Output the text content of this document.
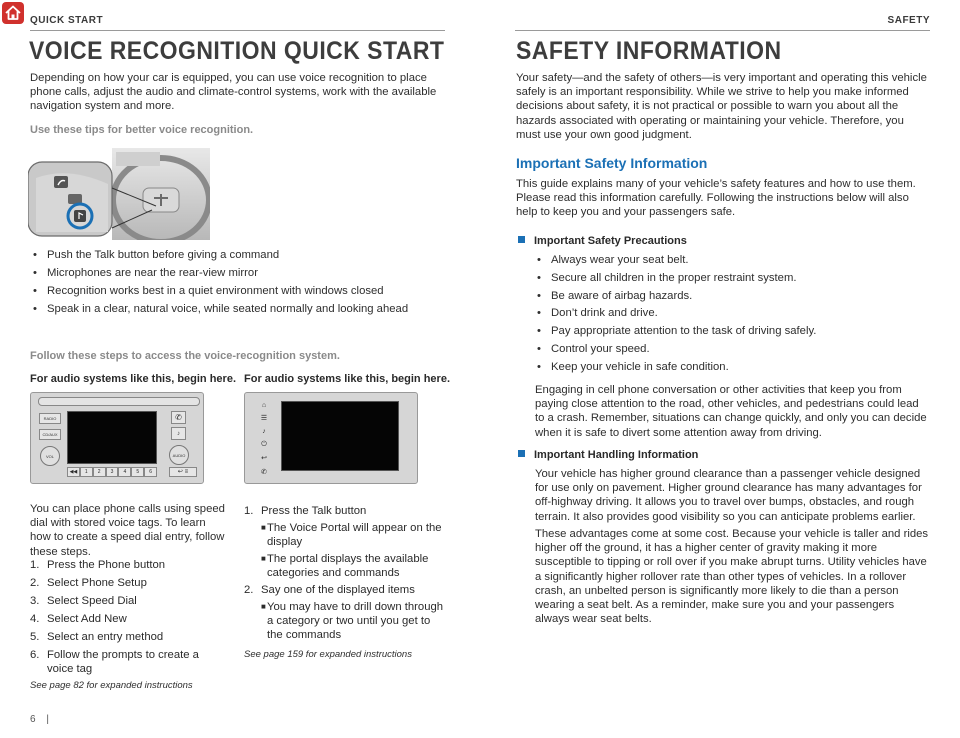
QUICK START	SAFETY
VOICE RECOGNITION QUICK START
Depending on how your car is equipped, you can use voice recognition to place phone calls, adjust the audio and climate-control systems, work with the available navigation system and more.
Use these tips for better voice recognition.
• Push the Talk button before giving a command
• Microphones are near the rear-view mirror
• Recognition works best in a quiet environment with windows closed
• Speak in a clear, natural voice, while seated normally and looking ahead
Follow these steps to access the voice-recognition system.
For audio systems like this, begin here.
RADIO
CD/AUX
VOL
✆
♪
AUDIO
◀◀	1	2	3	4	5	6	↩ ≡
You can place phone calls using speed dial with stored voice tags. To learn how to create a speed dial entry, follow these steps.
1. Press the Phone button
2. Select Phone Setup
3. Select Speed Dial
4. Select Add New
5. Select an entry method
6. Follow the prompts to create a voice tag
See page 82 for expanded instructions
For audio systems like this, begin here.
⌂
☰
♪
⏻
↩
✆
1. Press the Talk button
■ The Voice Portal will appear on the display
■ The portal displays the available categories and commands
2. Say one of the displayed items
■ You may have to drill down through a category or two until you get to the commands
See page 159 for expanded instructions
6 |
SAFETY INFORMATION
Your safety—and the safety of others—is very important and operating this vehicle safely is an important responsibility. While we strive to help you make informed decisions about safety, it is not practical or possible to warn you about all the hazards associated with operating or maintaining your vehicle. Therefore, you must use your own good judgment.
Important Safety Information
This guide explains many of your vehicle’s safety features and how to use them. Please read this information carefully. Following the instructions below will also help to keep you and your passengers safe.
Important Safety Precautions
• Always wear your seat belt.
• Secure all children in the proper restraint system.
• Be aware of airbag hazards.
• Don’t drink and drive.
• Pay appropriate attention to the task of driving safely.
• Control your speed.
• Keep your vehicle in safe condition.
Engaging in cell phone conversation or other activities that keep you from paying close attention to the road, other vehicles, and pedestrians could lead to a crash. Remember, situations can change quickly, and only you can decide when it is safe to divert some attention away from driving.
Important Handling Information
Your vehicle has higher ground clearance than a passenger vehicle designed for use only on pavement. Higher ground clearance has many advantages for off-highway driving. It allows you to travel over bumps, obstacles, and rough terrain. It also provides good visibility so you can anticipate problems earlier.
These advantages come at some cost. Because your vehicle is taller and rides higher off the ground, it has a higher center of gravity making it more susceptible to tipping or roll over if you make abrupt turns. Utility vehicles have a significantly higher rollover rate than other types of vehicles. In a rollover crash, an unbelted person is significantly more likely to die than a person wearing a seat belt. As a reminder, make sure you and your passengers always wear seat belts.
